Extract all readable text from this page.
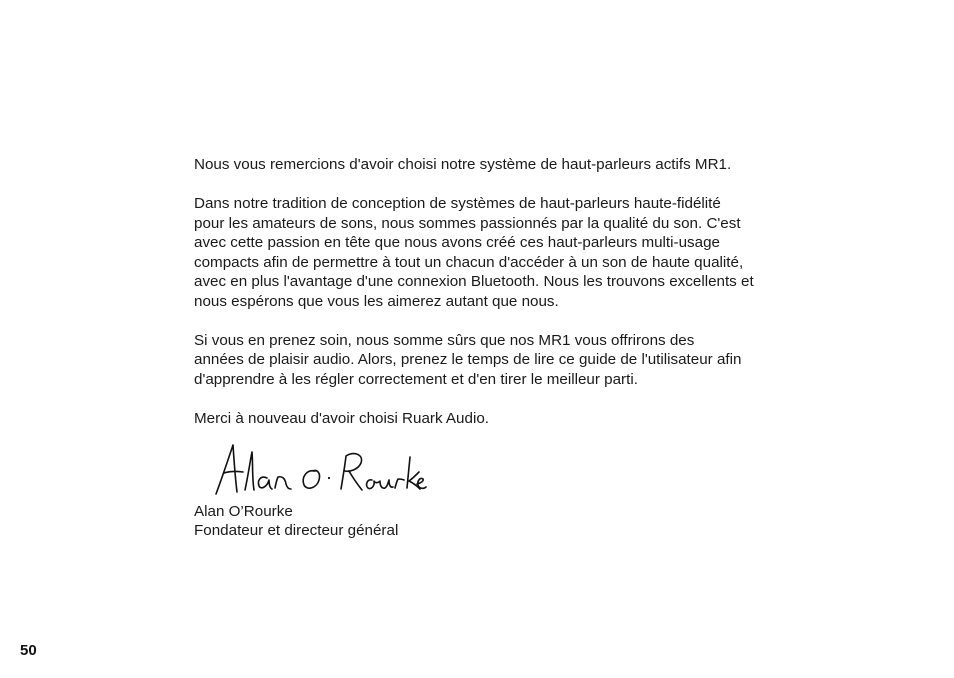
Nous vous remercions d'avoir choisi notre système de haut-parleurs actifs MR1.

Dans notre tradition de conception de systèmes de haut-parleurs haute-fidélité
pour les amateurs de sons, nous sommes passionnés par la qualité du son. C'est
avec cette passion en tête que nous avons créé ces haut-parleurs multi-usage
compacts afin de permettre à tout un chacun d'accéder à un son de haute qualité,
avec en plus l'avantage d'une connexion Bluetooth. Nous les trouvons excellents et
nous espérons que vous les aimerez autant que nous.

Si vous en prenez soin, nous somme sûrs que nos MR1 vous offrirons des
années de plaisir audio. Alors, prenez le temps de lire ce guide de l'utilisateur afin
d'apprendre à les régler correctement et d'en tirer le meilleur parti.

Merci à nouveau d'avoir choisi Ruark Audio.

Alan O’Rourke
Fondateur et directeur général

50
